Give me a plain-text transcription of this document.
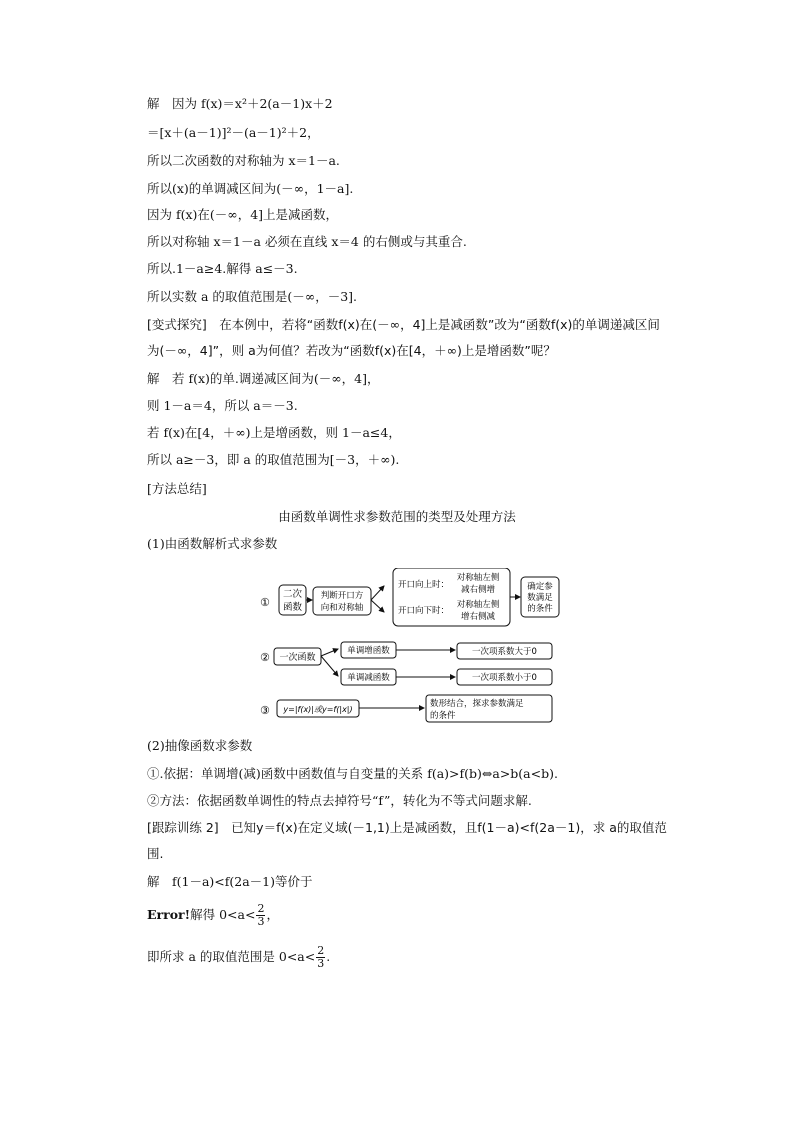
解　因为 f(x)＝x²＋2(a－1)x＋2
＝[x＋(a－1)]²－(a－1)²＋2，
所以二次函数的对称轴为 x＝1－a.
所以(x)的单调减区间为(－∞，1－a].
因为 f(x)在(－∞，4]上是减函数，
所以对称轴 x＝1－a 必须在直线 x＝4 的右侧或与其重合.
所以.1－a≥4.解得 a≤－3.
所以实数 a 的取值范围是(－∞，－3].
[变式探究]　在本例中，若将“函数f(x)在(－∞，4]上是减函数”改为“函数f(x)的单调递减区间为(－∞，4]”，则 a为何值？若改为“函数f(x)在[4，＋∞)上是增函数”呢？
解　若 f(x)的单.调递减区间为(－∞，4]，
则 1－a＝4，所以 a＝－3.
若 f(x)在[4，＋∞)上是增函数，则 1－a≤4，
所以 a≥－3，即 a 的取值范围为[－3，＋∞).
[方法总结]
由函数单调性求参数范围的类型及处理方法
(1)由函数解析式求参数
①
二次
函数
判断开口方
向和对称轴
开口向上时：
对称轴左侧
减右侧增
开口向下时：
对称轴左侧
增右侧减
确定参
数满足
的条件
② 一次函数
单调增函数	一次项系数大于0
单调减函数	一次项系数小于0
③ y=|f(x)|或y=f(|x|)
数形结合，探求参数满足
的条件
(2)抽像函数求参数
①.依据：单调增(减)函数中函数值与自变量的关系 f(a)>f(b)⇔a>b(a<b).
②方法：依据函数单调性的特点去掉符号“f”，转化为不等式问题求解.
[跟踪训练 2]　已知y＝f(x)在定义域(－1,1)上是减函数，且f(1－a)<f(2a－1)，求 a的取值范围.
解　f(1－a)<f(2a－1)等价于
Error!解得 $0<a< \frac{2}{3}$ ，
即所求 a 的取值范围是 $0<a< \frac{2}{3}$ .
